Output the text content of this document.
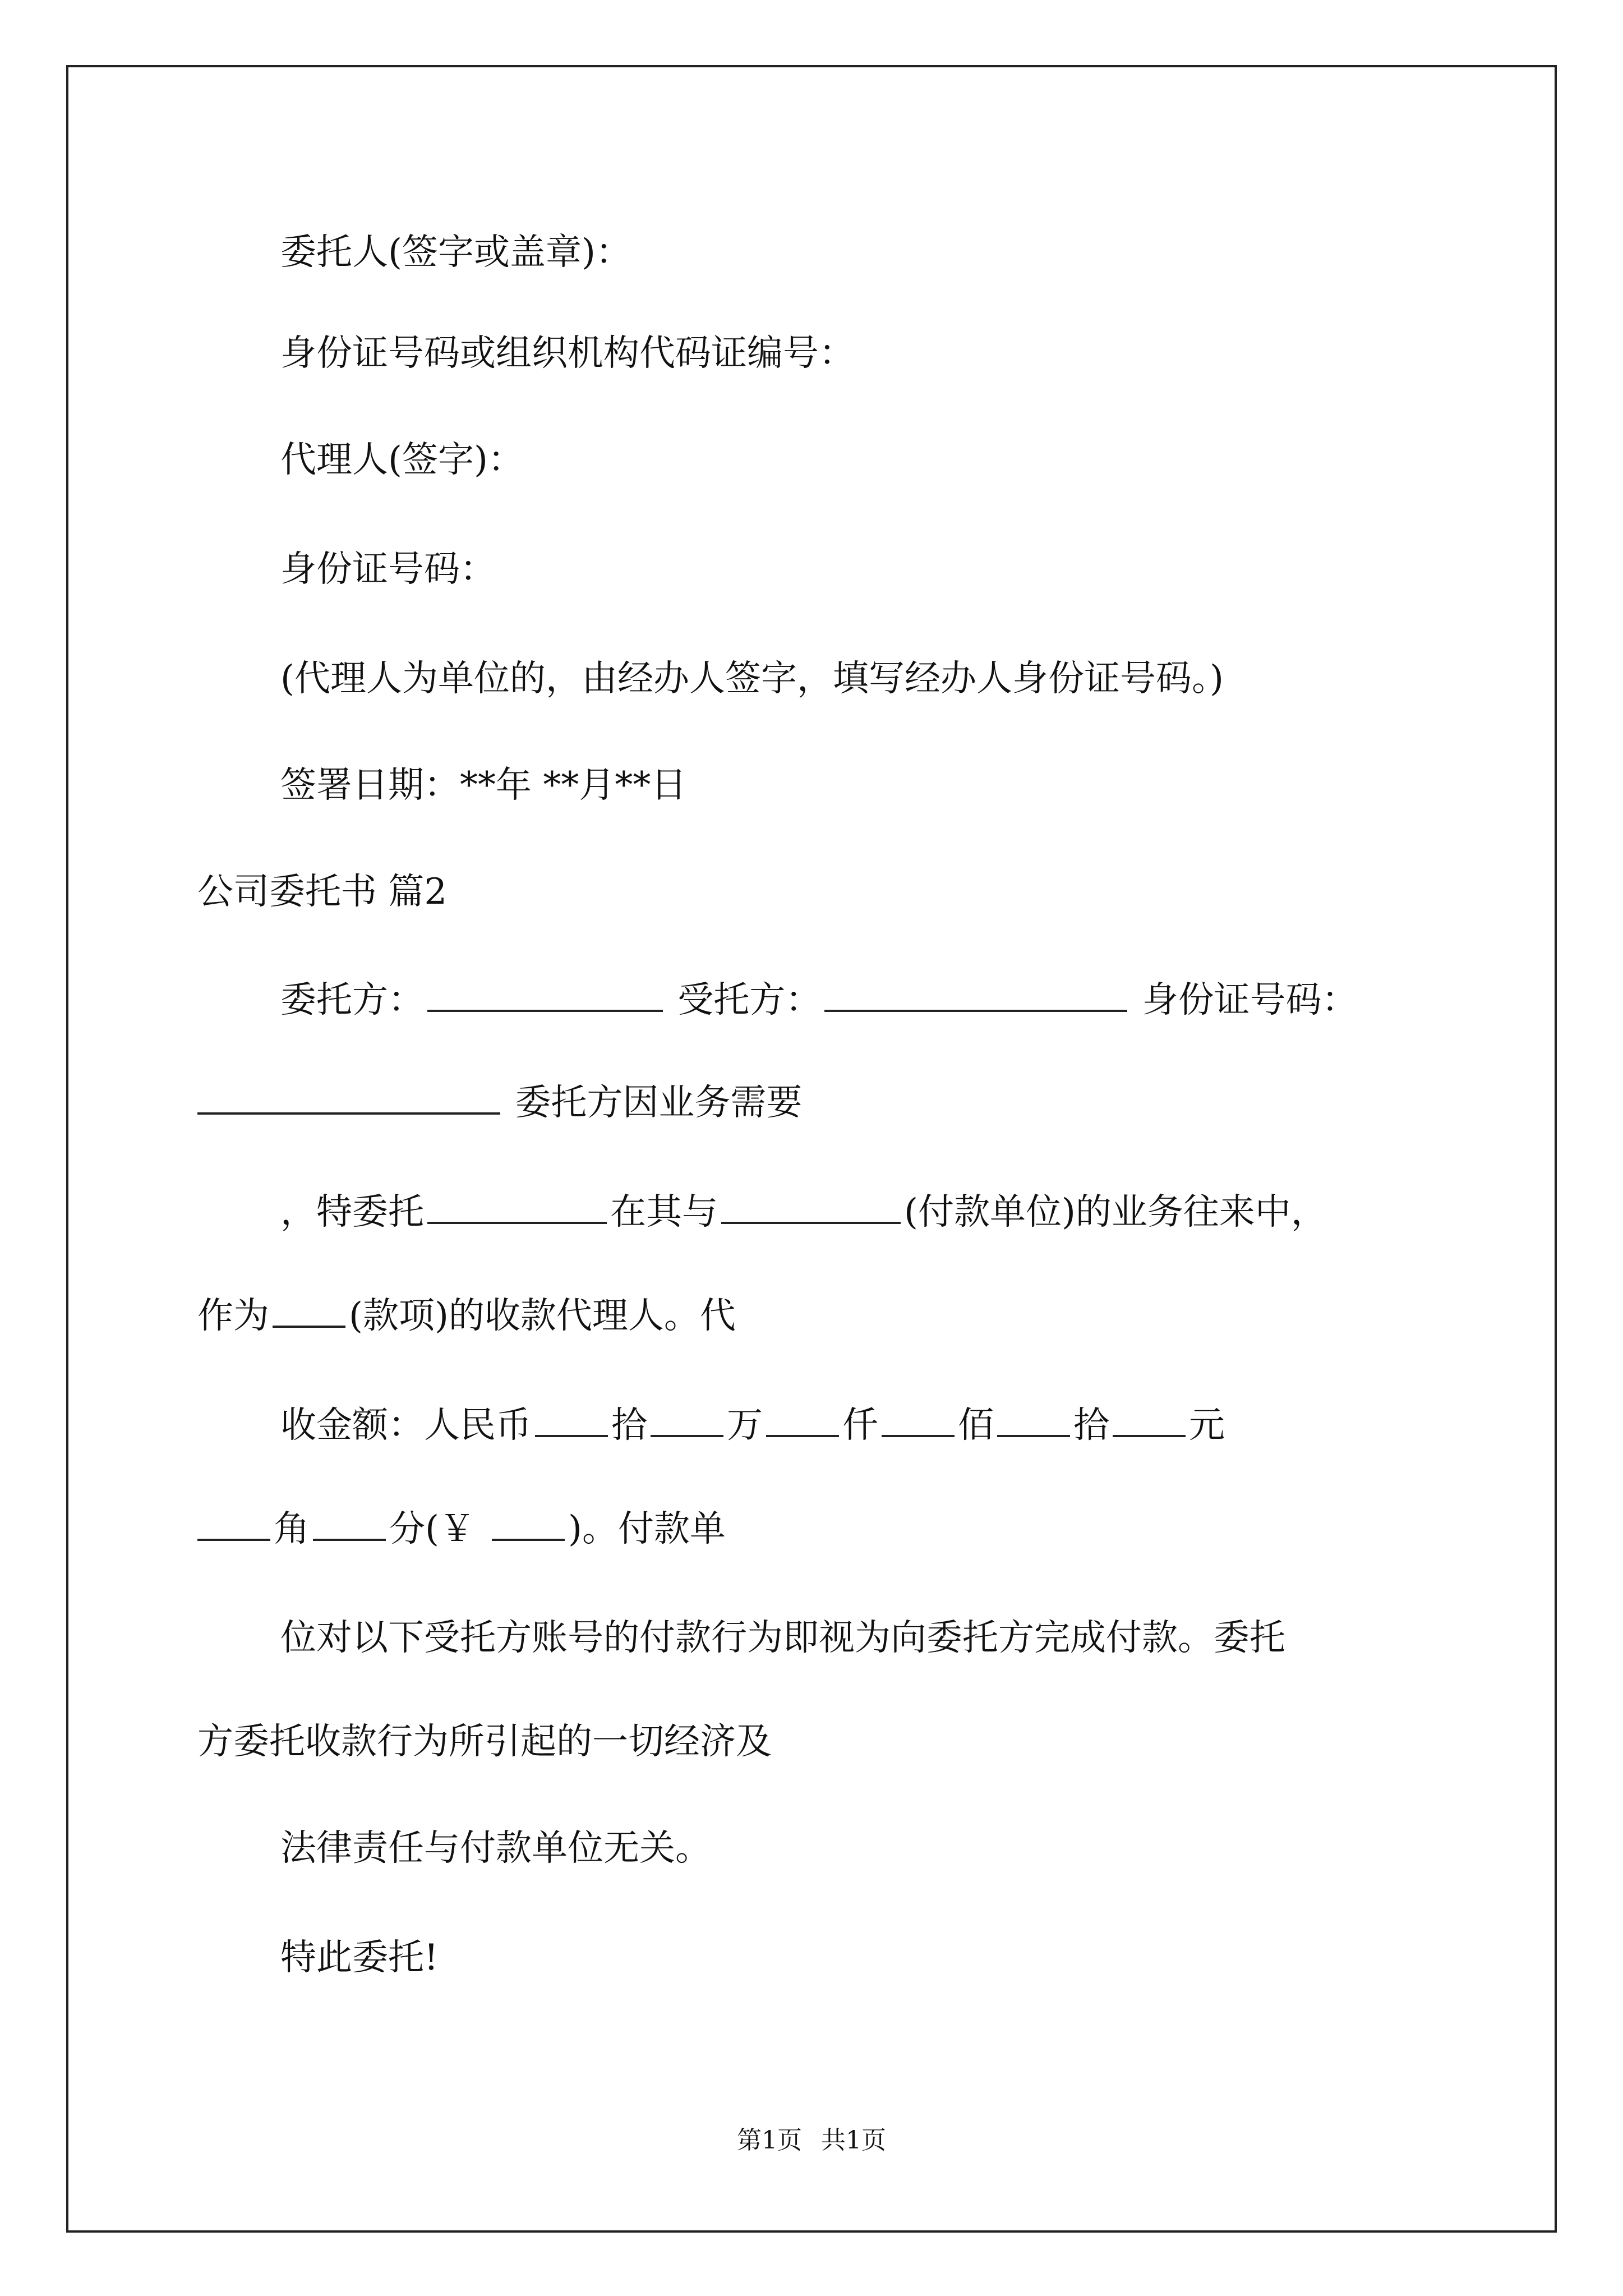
委托人(签字或盖章)：
身份证号码或组织机构代码证编号：
代理人(签字)：
身份证号码：
(代理人为单位的，由经办人签字，填写经办人身份证号码。)
签署日期：**年 **月**日
公司委托书 篇2
委托方：	受托方：	身份证号码：
委托方因业务需要
，特委托	在其与	(付款单位)的业务往来中，
作为 (款项)的收款代理人。代
收金额：人民币 拾 万 仟 佰 拾 元
角 分(￥	)。付款单
位对以下受托方账号的付款行为即视为向委托方完成付款。委托
方委托收款行为所引起的一切经济及
法律责任与付款单位无关。
特此委托!
第1页 共1页
